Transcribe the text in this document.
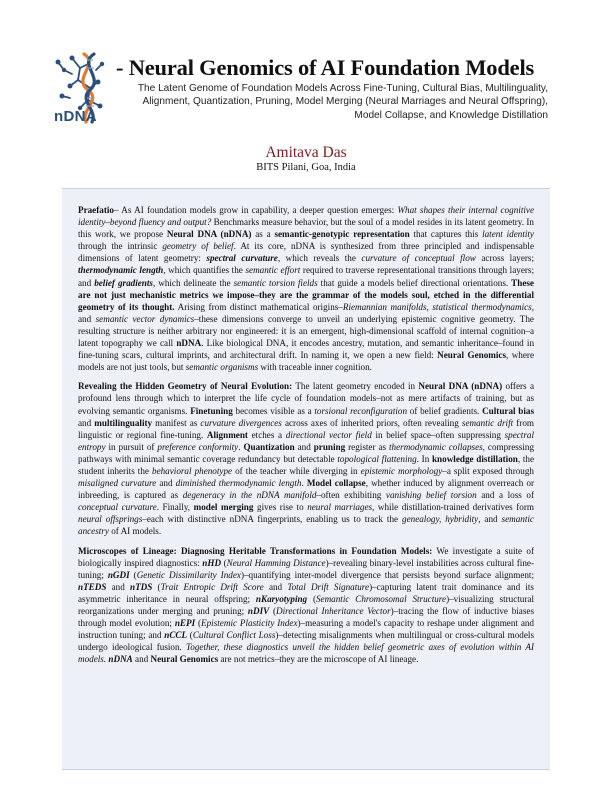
nDNA
- Neural Genomics of AI Foundation Models
The Latent Genome of Foundation Models Across Fine-Tuning, Cultural Bias, Multilinguality, Alignment, Quantization, Pruning, Model Merging (Neural Marriages and Neural Offspring), Model Collapse, and Knowledge Distillation
Amitava Das
BITS Pilani, Goa, India

Praefatio– As AI foundation models grow in capability, a deeper question emerges: What shapes their internal cognitive identity–beyond fluency and output? Benchmarks measure behavior, but the soul of a model resides in its latent geometry. In this work, we propose Neural DNA (nDNA) as a semantic-genotypic representation that captures this latent identity through the intrinsic geometry of belief. At its core, nDNA is synthesized from three principled and indispensable dimensions of latent geometry: spectral curvature, which reveals the curvature of conceptual flow across layers; thermodynamic length, which quantifies the semantic effort required to traverse representational transitions through layers; and belief gradients, which delineate the semantic torsion fields that guide a models belief directional orientations. These are not just mechanistic metrics we impose–they are the grammar of the models soul, etched in the differential geometry of its thought. Arising from distinct mathematical origins–Riemannian manifolds, statistical thermodynamics, and semantic vector dynamics–these dimensions converge to unveil an underlying epistemic cognitive geometry. The resulting structure is neither arbitrary nor engineered: it is an emergent, high-dimensional scaffold of internal cognition–a latent topography we call nDNA. Like biological DNA, it encodes ancestry, mutation, and semantic inheritance–found in fine-tuning scars, cultural imprints, and architectural drift. In naming it, we open a new field: Neural Genomics, where models are not just tools, but semantic organisms with traceable inner cognition.

Revealing the Hidden Geometry of Neural Evolution: The latent geometry encoded in Neural DNA (nDNA) offers a profound lens through which to interpret the life cycle of foundation models–not as mere artifacts of training, but as evolving semantic organisms. Finetuning becomes visible as a torsional reconfiguration of belief gradients. Cultural bias and multilinguality manifest as curvature divergences across axes of inherited priors, often revealing semantic drift from linguistic or regional fine-tuning. Alignment etches a directional vector field in belief space–often suppressing spectral entropy in pursuit of preference conformity. Quantization and pruning register as thermodynamic collapses, compressing pathways with minimal semantic coverage redundancy but detectable topological flattening. In knowledge distillation, the student inherits the behavioral phenotype of the teacher while diverging in epistemic morphology–a split exposed through misaligned curvature and diminished thermodynamic length. Model collapse, whether induced by alignment overreach or inbreeding, is captured as degeneracy in the nDNA manifold–often exhibiting vanishing belief torsion and a loss of conceptual curvature. Finally, model merging gives rise to neural marriages, while distillation-trained derivatives form neural offsprings–each with distinctive nDNA fingerprints, enabling us to track the genealogy, hybridity, and semantic ancestry of AI models.

Microscopes of Lineage: Diagnosing Heritable Transformations in Foundation Models: We investigate a suite of biologically inspired diagnostics: nHD (Neural Hamming Distance)–revealing binary-level instabilities across cultural fine-tuning; nGDI (Genetic Dissimilarity Index)–quantifying inter-model divergence that persists beyond surface alignment; nTEDS and nTDS (Trait Entropic Drift Score and Total Drift Signature)–capturing latent trait dominance and its asymmetric inheritance in neural offspring; nKaryotyping (Semantic Chromosomal Structure)–visualizing structural reorganizations under merging and pruning; nDIV (Directional Inheritance Vector)–tracing the flow of inductive biases through model evolution; nEPI (Epistemic Plasticity Index)–measuring a model's capacity to reshape under alignment and instruction tuning; and nCCL (Cultural Conflict Loss)–detecting misalignments when multilingual or cross-cultural models undergo ideological fusion. Together, these diagnostics unveil the hidden belief geometric axes of evolution within AI models. nDNA and Neural Genomics are not metrics–they are the microscope of AI lineage.
